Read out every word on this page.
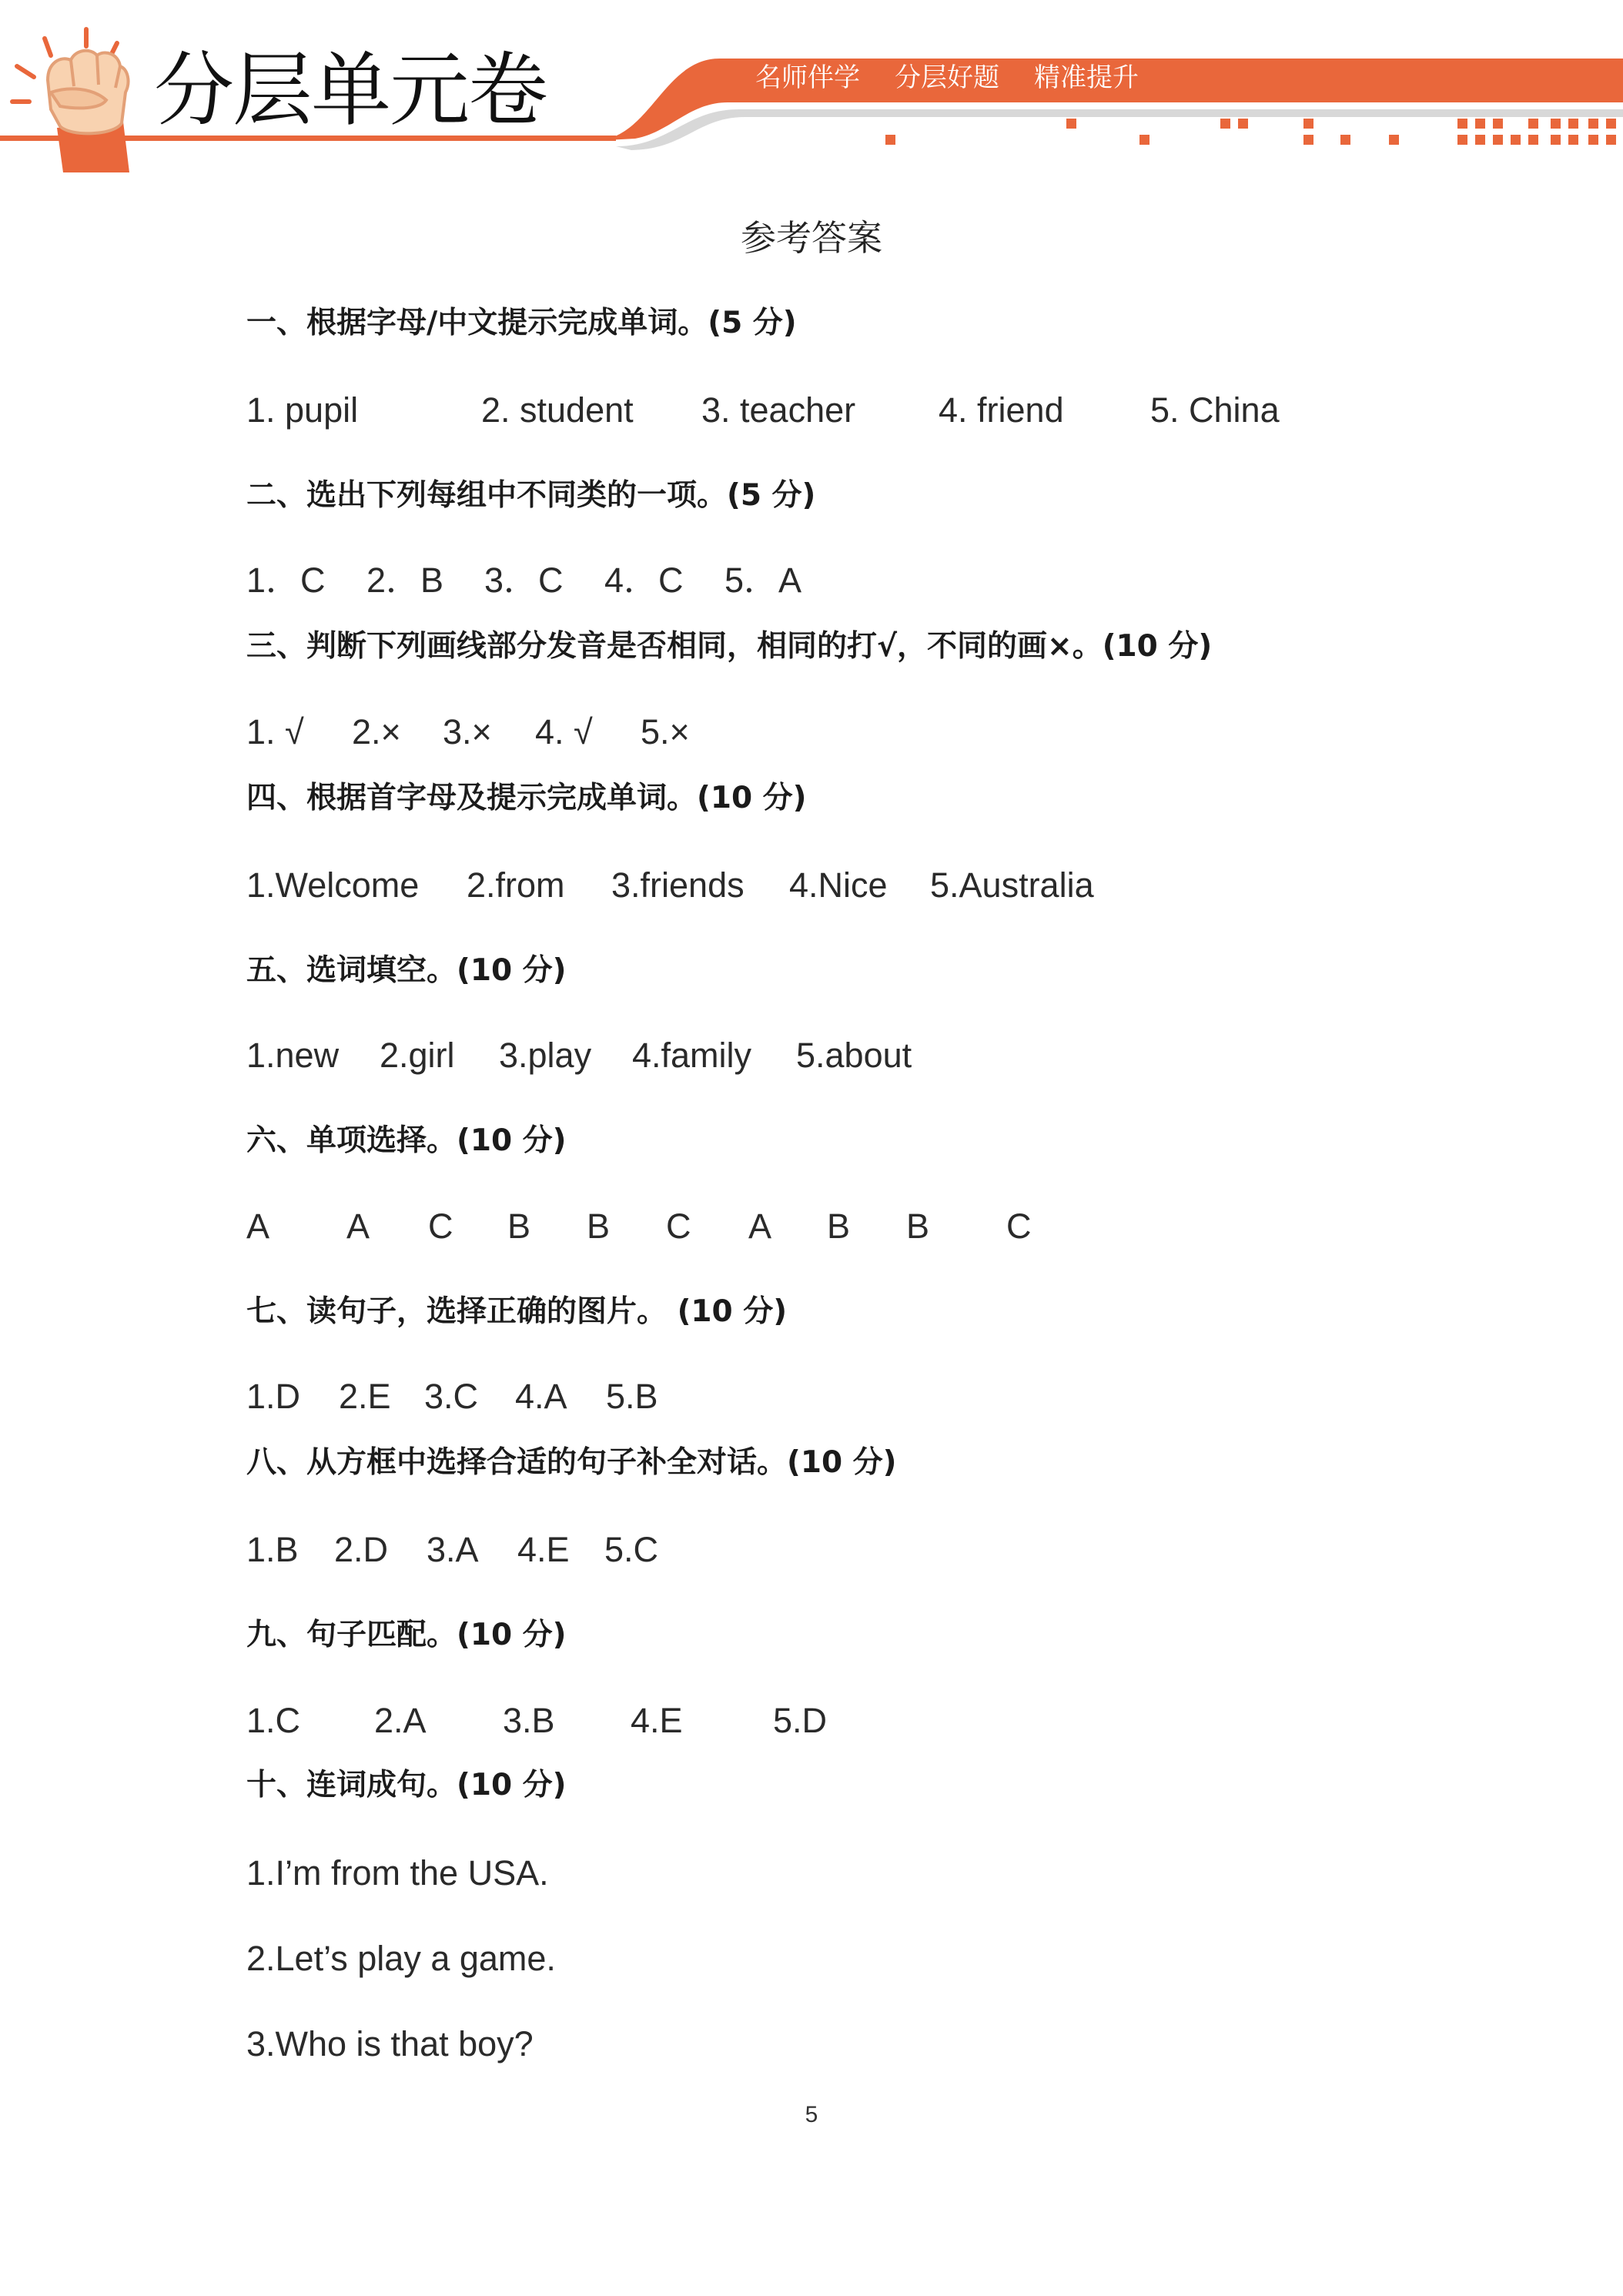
分层单元卷	名师伴学 分层好题 精准提升
参考答案
一、根据字母/中文提示完成单词。(5 分)
1. pupil	2. student 3. teacher 4. friend 5. China
二、选出下列每组中不同类的一项。(5 分)
1．C 2．B 3．C 4．C 5．A
三、判断下列画线部分发音是否相同，相同的打√，不同的画×。(10 分)
1. √ 2.× 3.× 4. √ 5.×
四、根据首字母及提示完成单词。(10 分)
1.Welcome 2.from 3.friends 4.Nice 5.Australia
五、选词填空。(10 分)
1.new 2.girl 3.play 4.family 5.about
六、单项选择。(10 分)
A A C B B C A B B C
七、读句子，选择正确的图片。 (10 分)
1.D 2.E 3.C 4.A 5.B
八、从方框中选择合适的句子补全对话。(10 分)
1.B 2.D 3.A 4.E 5.C
九、句子匹配。(10 分)
1.C 2.A 3.B 4.E	5.D
十、连词成句。(10 分)
1.I’m from the USA.
2.Let’s play a game.
3.Who is that boy?
5
